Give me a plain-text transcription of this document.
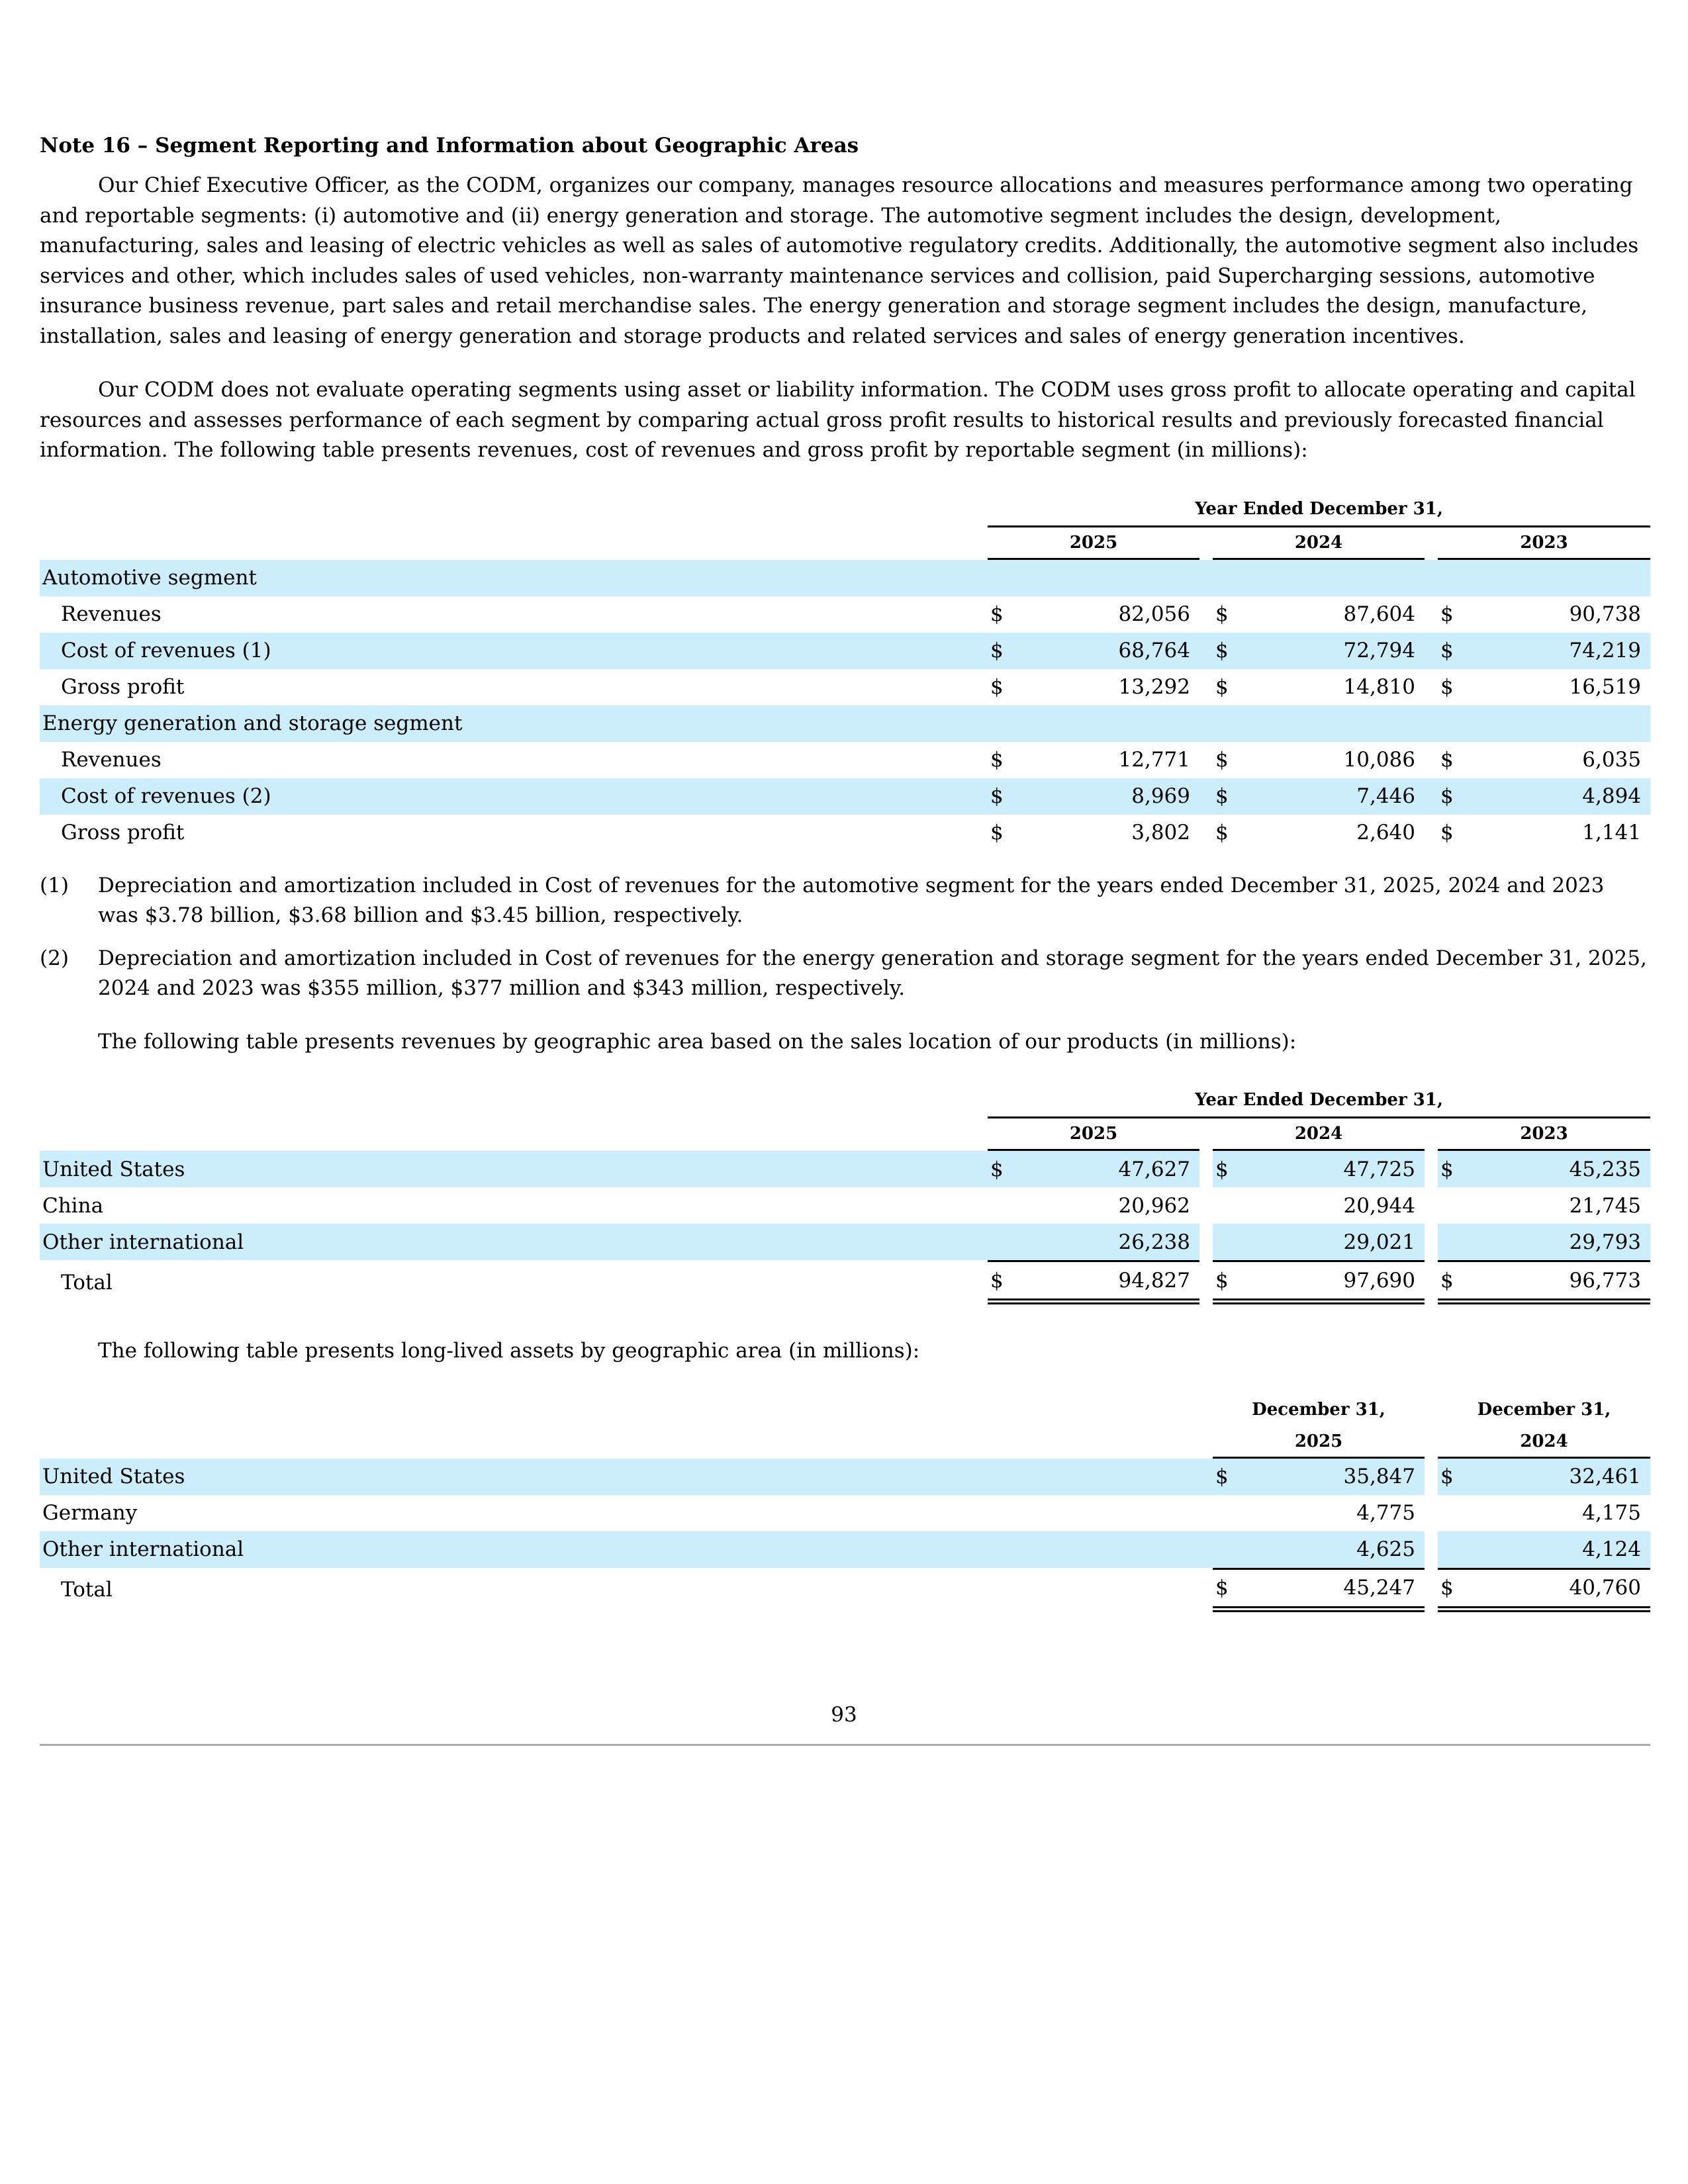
Note 16 – Segment Reporting and Information about Geographic Areas

Our Chief Executive Officer, as the CODM, organizes our company, manages resource allocations and measures performance among two operating and reportable segments: (i) automotive and (ii) energy generation and storage. The automotive segment includes the design, development, manufacturing, sales and leasing of electric vehicles as well as sales of automotive regulatory credits. Additionally, the automotive segment also includes services and other, which includes sales of used vehicles, non-warranty maintenance services and collision, paid Supercharging sessions, automotive insurance business revenue, part sales and retail merchandise sales. The energy generation and storage segment includes the design, manufacture, installation, sales and leasing of energy generation and storage products and related services and sales of energy generation incentives.

Our CODM does not evaluate operating segments using asset or liability information. The CODM uses gross profit to allocate operating and capital resources and assesses performance of each segment by comparing actual gross profit results to historical results and previously forecasted financial information. The following table presents revenues, cost of revenues and gross profit by reportable segment (in millions):

	Year Ended December 31,							
	2025			2024			2023	
Automotive segment								
Revenues	$	82,056		$	87,604		$	90,738
Cost of revenues (1)	$	68,764		$	72,794		$	74,219
Gross profit	$	13,292		$	14,810		$	16,519
Energy generation and storage segment								
Revenues	$	12,771		$	10,086		$	6,035
Cost of revenues (2)	$	8,969		$	7,446		$	4,894
Gross profit	$	3,802		$	2,640		$	1,141
(1) Depreciation and amortization included in Cost of revenues for the automotive segment for the years ended December 31, 2025, 2024 and 2023 was $3.78 billion, $3.68 billion and $3.45 billion, respectively.
(2) Depreciation and amortization included in Cost of revenues for the energy generation and storage segment for the years ended December 31, 2025, 2024 and 2023 was $355 million, $377 million and $343 million, respectively.

The following table presents revenues by geographic area based on the sales location of our products (in millions):

	Year Ended December 31,							
	2025			2024			2023	
United States	$	47,627		$	47,725		$	45,235
China		20,962			20,944			21,745
Other international		26,238			29,021			29,793
Total	$	94,827		$	97,690		$	96,773

The following table presents long-lived assets by geographic area (in millions):

				December 31,			December 31,	
				2025			2024	
United States				$	35,847		$	32,461
Germany					4,775			4,175
Other international					4,625			4,124
Total				$	45,247		$	40,760
93
